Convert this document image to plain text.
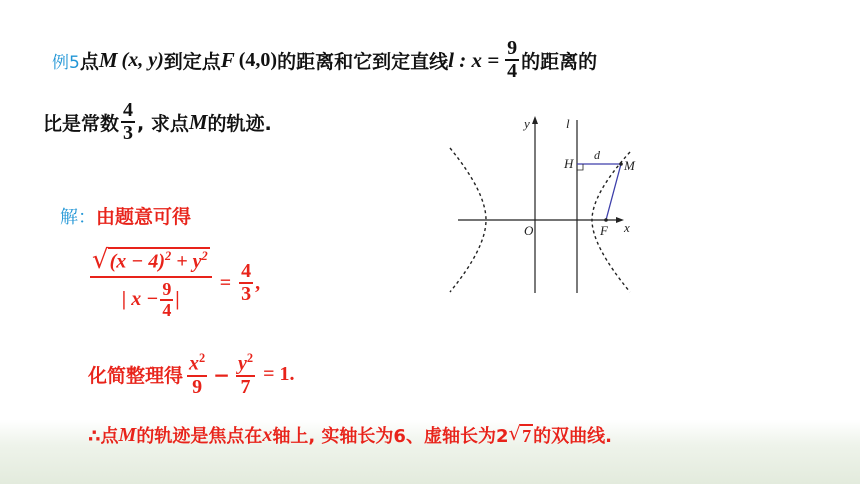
例5 点 M (x, y) 到定点 F (4,0) 的距离和它到定直线 l : $x = \frac{9}{4}$ 的距离的
比是常数 $\frac{4}{3}$ , 求点 M 的轨迹.
解：由题意可得
$\frac{√ (x - 4)^2 + y^2}{| x - \frac{9}{4} |} = \frac{4}{3}$ ,
化简整理得 $\frac{x^2}{9} - \frac{y^2}{7} = 1$.
∴点 M 的轨迹是焦点在 x 轴上, 实轴长为6、虚轴长为2 √ 7 的双曲线.
y	l
H
d
M
O	F x
